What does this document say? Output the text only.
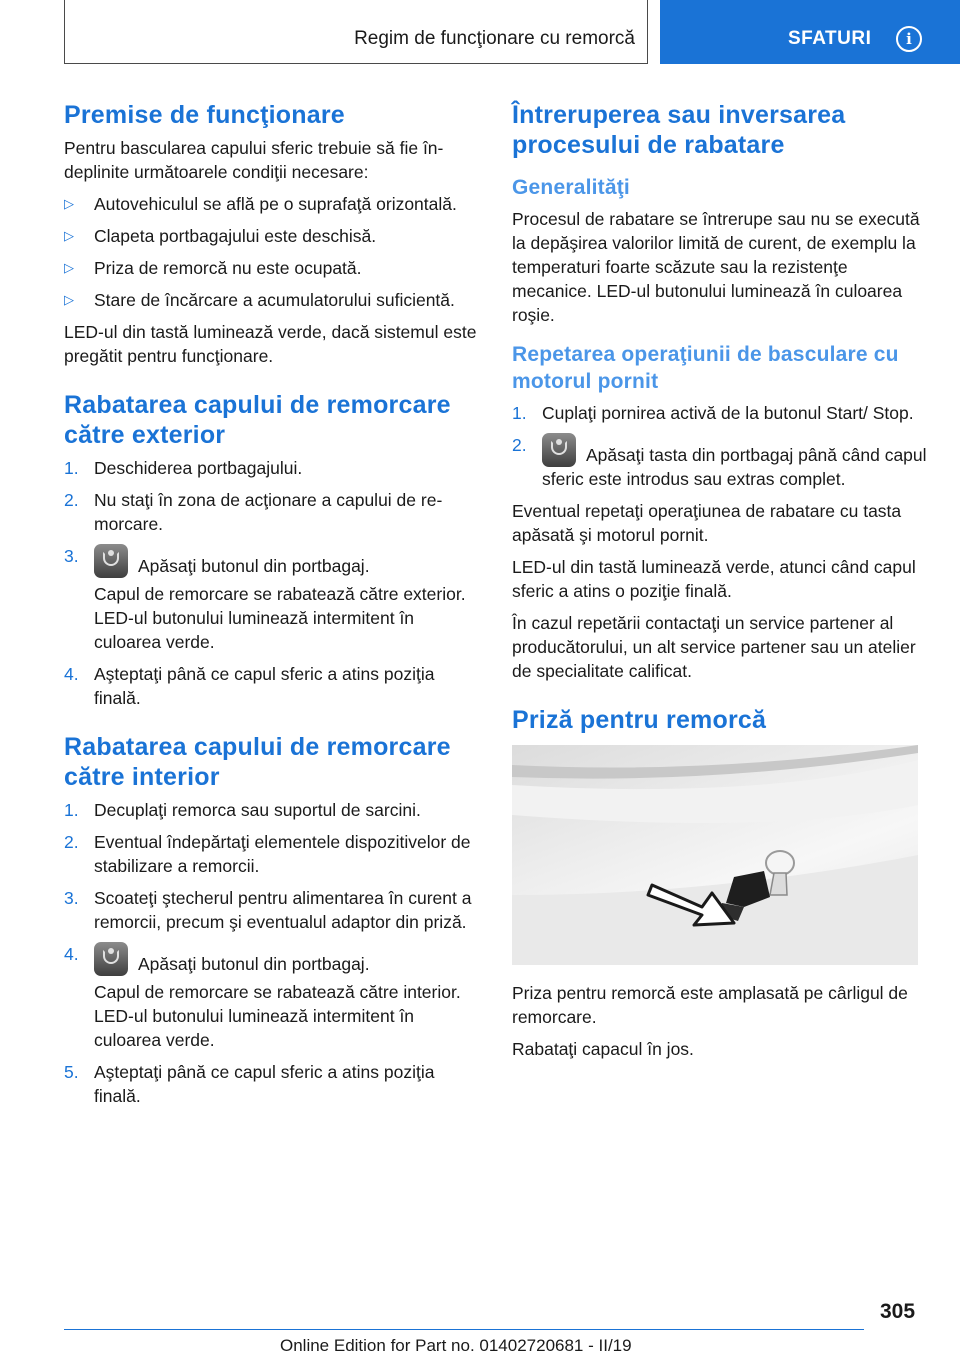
Regim de funcţionare cu remorcă	SFATURI	i
Premise de funcţionare

Pentru bascularea capului sferic trebuie să fie îndeplinite următoarele condiţii necesare:

▷ Autovehiculul se află pe o suprafaţă orizontală.
▷ Clapeta portbagajului este deschisă.
▷ Priza de remorcă nu este ocupată.
▷ Stare de încărcare a acumulatorului suficientă.

LED-ul din tastă luminează verde, dacă sistemul este pregătit pentru funcţionare.

Rabatarea capului de remorcare către exterior
1. Deschiderea portbagajului.
2. Nu staţi în zona de acţionare a capului de remorcare.
3.	Apăsaţi butonul din portbagaj.
Capul de remorcare se rabatează către exterior. LED-ul butonului luminează intermitent în culoarea verde.
4. Aşteptaţi până ce capul sferic a atins poziţia finală.
Rabatarea capului de remorcare către interior
1. Decuplaţi remorca sau suportul de sarcini.
2. Eventual îndepărtaţi elementele dispozitivelor de stabilizare a remorcii.
3. Scoateţi ştecherul pentru alimentarea în curent a remorcii, precum şi eventualul adaptor din priză.
4.	Apăsaţi butonul din portbagaj.
Capul de remorcare se rabatează către interior. LED-ul butonului luminează intermitent în culoarea verde.
5. Aşteptaţi până ce capul sferic a atins poziţia finală.
Întreruperea sau inversarea procesului de rabatare
Generalităţi

Procesul de rabatare se întrerupe sau nu se execută la depăşirea valorilor limită de curent, de exemplu la temperaturi foarte scăzute sau la rezistenţe mecanice. LED-ul butonului luminează în culoarea roşie.

Repetarea operaţiunii de basculare cu motorul pornit
1. Cuplaţi pornirea activă de la butonul Start/ Stop.
2.	Apăsaţi tasta din portbagaj până când capul sferic este introdus sau extras complet.

Eventual repetaţi operaţiunea de rabatare cu tasta apăsată şi motorul pornit.

LED-ul din tastă luminează verde, atunci când capul sferic a atins o poziţie finală.

În cazul repetării contactaţi un service partener al producătorului, un alt service partener sau un atelier de specialitate calificat.

Priză pentru remorcă

Priza pentru remorcă este amplasată pe cârligul de remorcare.

Rabataţi capacul în jos.

305
Online Edition for Part no. 01402720681 - II/19
